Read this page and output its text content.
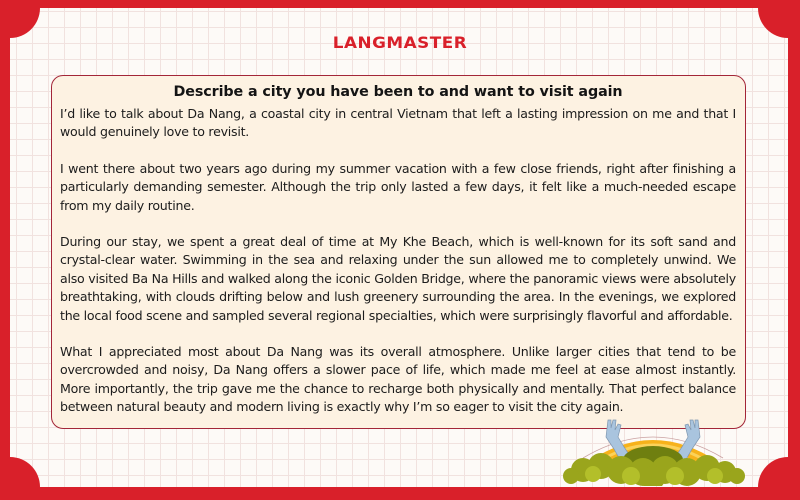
LANGMASTER
Describe a city you have been to and want to visit again

I’d like to talk about Da Nang, a coastal city in central Vietnam that left a lasting impression on me and that I would genuinely love to revisit.

I went there about two years ago during my summer vacation with a few close friends, right after finishing a particularly demanding semester. Although the trip only lasted a few days, it felt like a much-needed escape from my daily routine.

During our stay, we spent a great deal of time at My Khe Beach, which is well-known for its soft sand and crystal-clear water. Swimming in the sea and relaxing under the sun allowed me to completely unwind. We also visited Ba Na Hills and walked along the iconic Golden Bridge, where the panoramic views were absolutely breathtaking, with clouds drifting below and lush greenery surrounding the area. In the evenings, we explored the local food scene and sampled several regional specialties, which were surprisingly flavorful and affordable.

What I appreciated most about Da Nang was its overall atmosphere. Unlike larger cities that tend to be overcrowded and noisy, Da Nang offers a slower pace of life, which made me feel at ease almost instantly. More importantly, the trip gave me the chance to recharge both physically and mentally. That perfect balance between natural beauty and modern living is exactly why I’m so eager to visit the city again.
